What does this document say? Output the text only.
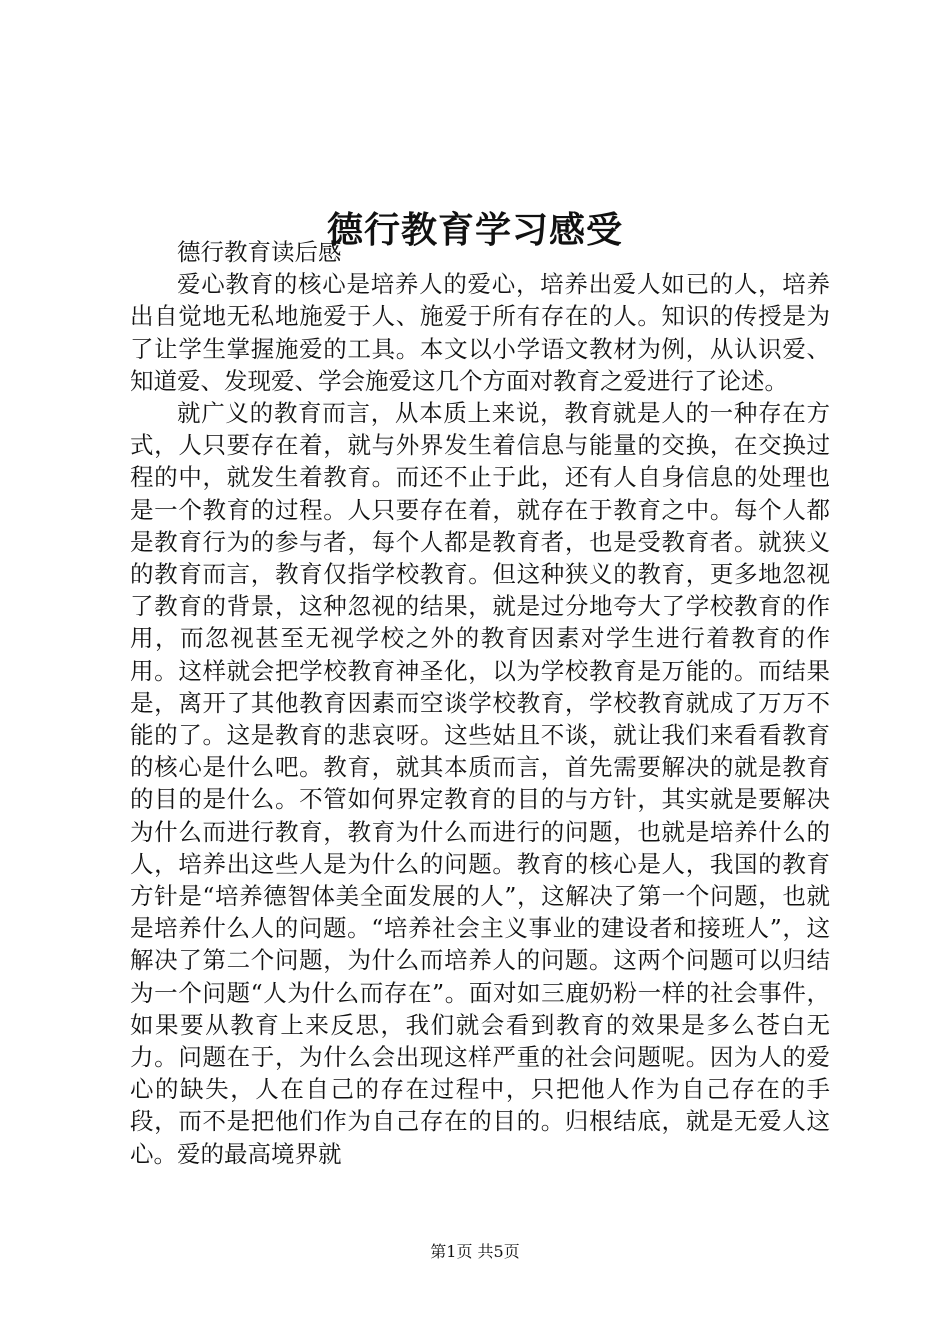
德行教育学习感受

德行教育读后感

爱心教育的核心是培养人的爱心，培养出爱人如已的人，培养出自觉地无私地施爱于人、施爱于所有存在的人。知识的传授是为了让学生掌握施爱的工具。本文以小学语文教材为例，从认识爱、知道爱、发现爱、学会施爱这几个方面对教育之爱进行了论述。

就广义的教育而言，从本质上来说，教育就是人的一种存在方式，人只要存在着，就与外界发生着信息与能量的交换，在交换过程的中，就发生着教育。而还不止于此，还有人自身信息的处理也是一个教育的过程。人只要存在着，就存在于教育之中。每个人都是教育行为的参与者，每个人都是教育者，也是受教育者。就狭义的教育而言，教育仅指学校教育。但这种狭义的教育，更多地忽视了教育的背景，这种忽视的结果，就是过分地夸大了学校教育的作用，而忽视甚至无视学校之外的教育因素对学生进行着教育的作用。这样就会把学校教育神圣化，以为学校教育是万能的。而结果是，离开了其他教育因素而空谈学校教育，学校教育就成了万万不能的了。这是教育的悲哀呀。这些姑且不谈，就让我们来看看教育的核心是什么吧。教育，就其本质而言，首先需要解决的就是教育的目的是什么。不管如何界定教育的目的与方针，其实就是要解决为什么而进行教育，教育为什么而进行的问题，也就是培养什么的人，培养出这些人是为什么的问题。教育的核心是人，我国的教育方针是“培养德智体美全面发展的人”，这解决了第一个问题，也就是培养什么人的问题。“培养社会主义事业的建设者和接班人”，这解决了第二个问题，为什么而培养人的问题。这两个问题可以归结为一个问题“人为什么而存在”。面对如三鹿奶粉一样的社会事件，如果要从教育上来反思，我们就会看到教育的效果是多么苍白无力。问题在于，为什么会出现这样严重的社会问题呢。因为人的爱心的缺失，人在自己的存在过程中，只把他人作为自己存在的手段，而不是把他们作为自己存在的目的。归根结底，就是无爱人这心。爱的最高境界就

第1页 共5页
